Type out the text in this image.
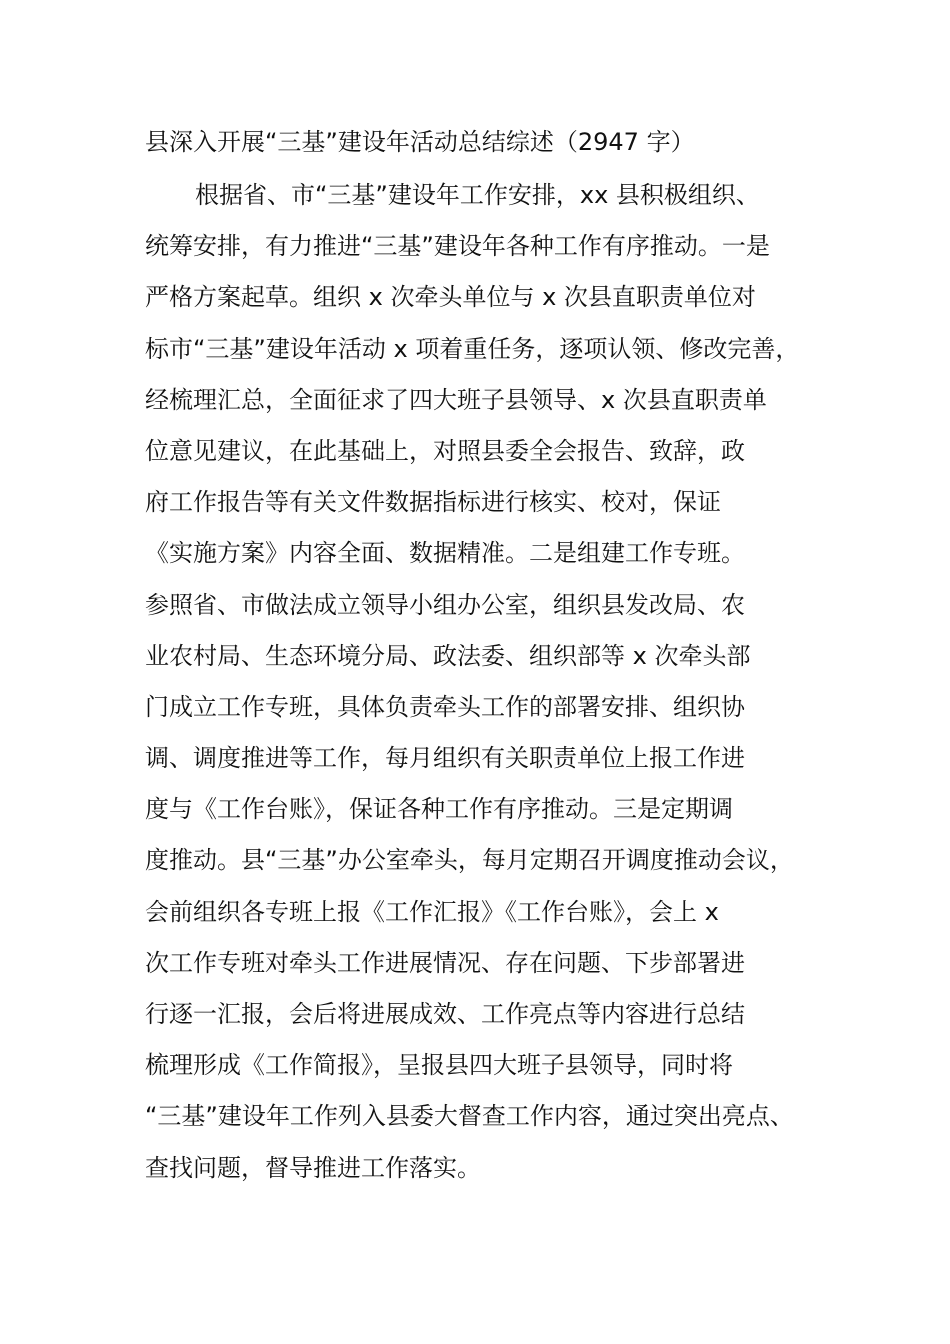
县深入开展“三基”建设年活动总结综述（2947 字）
根据省、市“三基”建设年工作安排，xx 县积极组织、
统筹安排，有力推进“三基”建设年各种工作有序推动。一是
严格方案起草。组织 x 次牵头单位与 x 次县直职责单位对
标市“三基”建设年活动 x 项着重任务，逐项认领、修改完善，
经梳理汇总，全面征求了四大班子县领导、x 次县直职责单
位意见建议，在此基础上，对照县委全会报告、致辞，政
府工作报告等有关文件数据指标进行核实、校对，保证
《实施方案》内容全面、数据精准。二是组建工作专班。
参照省、市做法成立领导小组办公室，组织县发改局、农
业农村局、生态环境分局、政法委、组织部等 x 次牵头部
门成立工作专班，具体负责牵头工作的部署安排、组织协
调、调度推进等工作，每月组织有关职责单位上报工作进
度与《工作台账》，保证各种工作有序推动。三是定期调
度推动。县“三基”办公室牵头，每月定期召开调度推动会议，
会前组织各专班上报《工作汇报》《工作台账》，会上 x
次工作专班对牵头工作进展情况、存在问题、下步部署进
行逐一汇报，会后将进展成效、工作亮点等内容进行总结
梳理形成《工作简报》，呈报县四大班子县领导，同时将
“三基”建设年工作列入县委大督查工作内容，通过突出亮点、
查找问题，督导推进工作落实。
